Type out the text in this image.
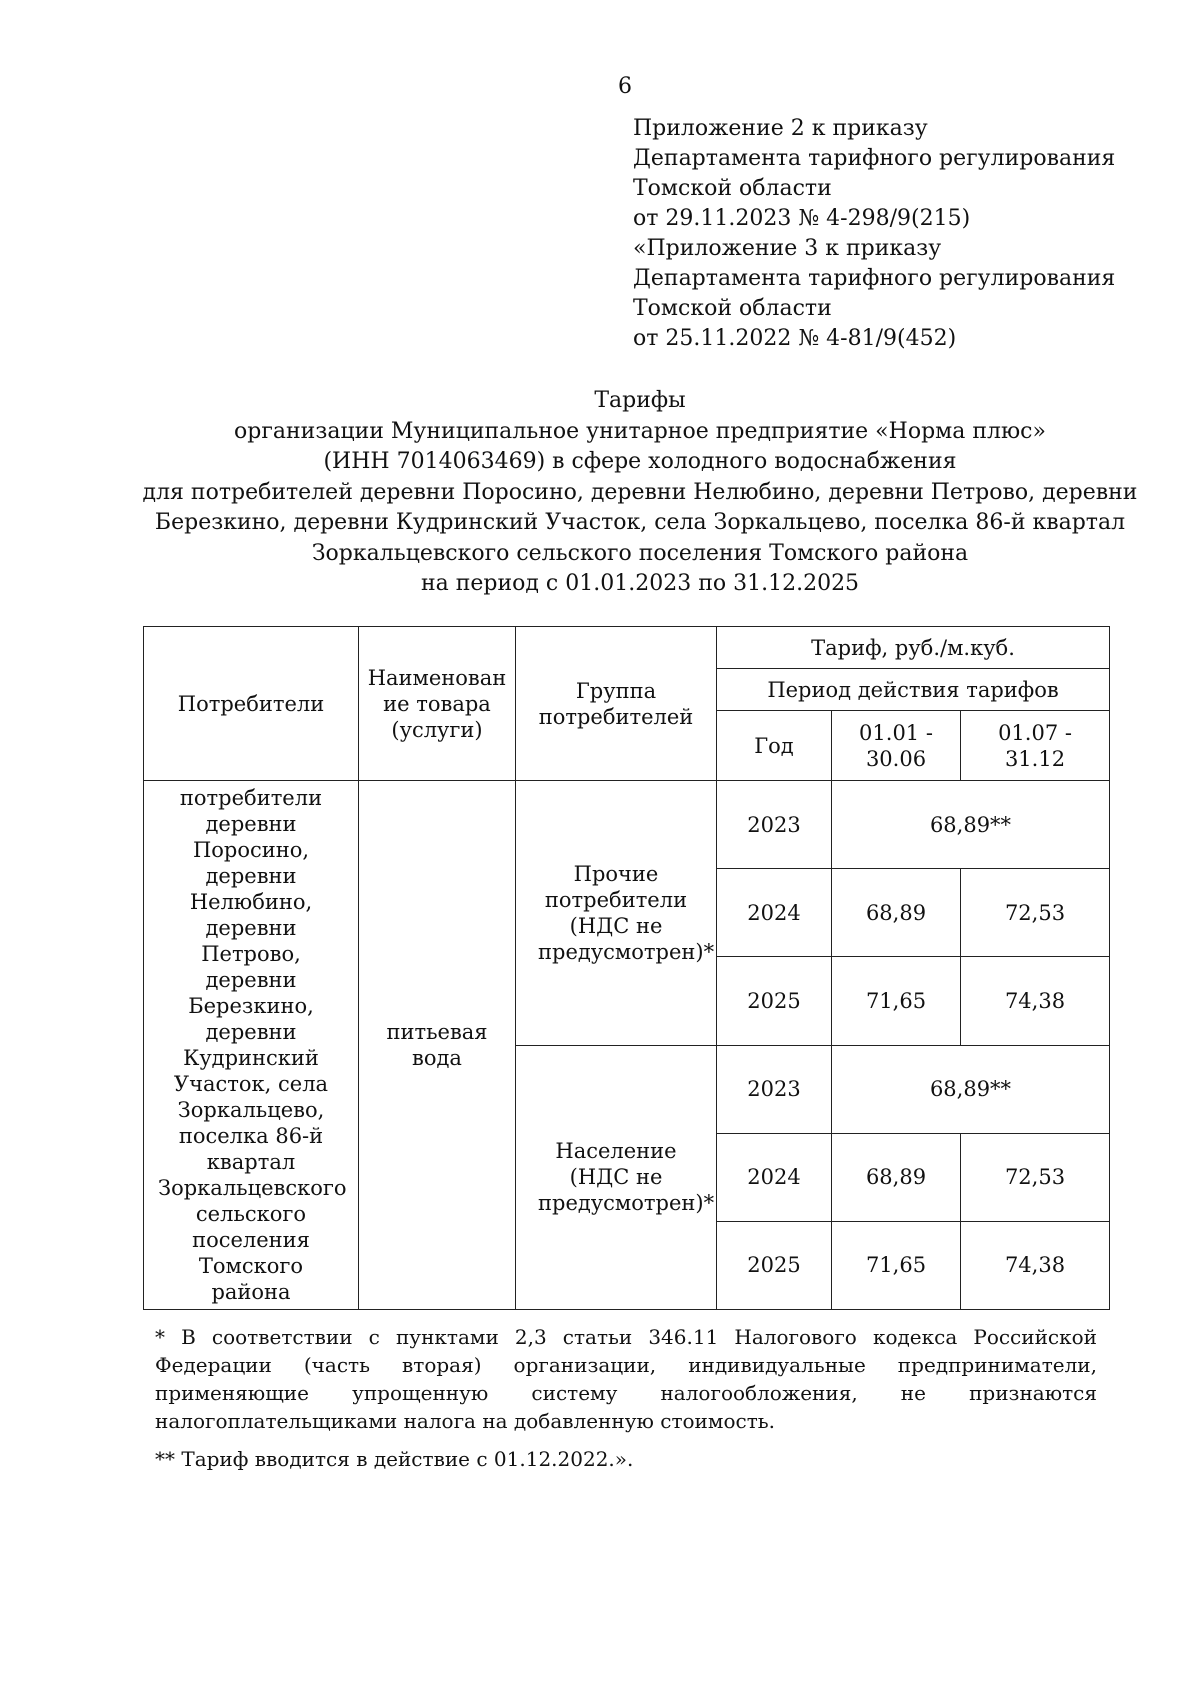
6
Приложение 2 к приказу
Департамента тарифного регулирования
Томской области
от 29.11.2023 № 4-298/9(215)
«Приложение 3 к приказу
Департамента тарифного регулирования
Томской области
от 25.11.2022 № 4-81/9(452)
Тарифы
организации Муниципальное унитарное предприятие «Норма плюс»
(ИНН 7014063469) в сфере холодного водоснабжения
для потребителей деревни Поросино, деревни Нелюбино, деревни Петрово, деревни
Березкино, деревни Кудринский Участок, села Зоркальцево, поселка 86-й квартал
Зоркальцевского сельского поселения Томского района
на период с 01.01.2023 по 31.12.2025
Потребители	Наименован ие товара (услуги)	Группа потребителей	Тариф, руб./м.куб.		
			Период действия тарифов		
			Год	01.01 - 30.06	01.07 - 31.12
потребители деревни Поросино, деревни Нелюбино, деревни Петрово, деревни Березкино, деревни Кудринский Участок, села Зоркальцево, поселка 86-й квартал Зоркальцевского сельского поселения Томского района	питьевая вода	Прочие потребители (НДС не предусмотрен)*	2023	68,89**	
			2024	68,89	72,53
			2025	71,65	74,38
		Население (НДС не предусмотрен)*	2023	68,89**	
			2024	68,89	72,53
			2025	71,65	74,38
* В соответствии с пунктами 2,3 статьи 346.11 Налогового кодекса Российской Федерации (часть вторая) организации, индивидуальные предприниматели, применяющие упрощенную систему налогообложения, не признаются налогоплательщиками налога на добавленную стоимость.
** Тариф вводится в действие с 01.12.2022.».
